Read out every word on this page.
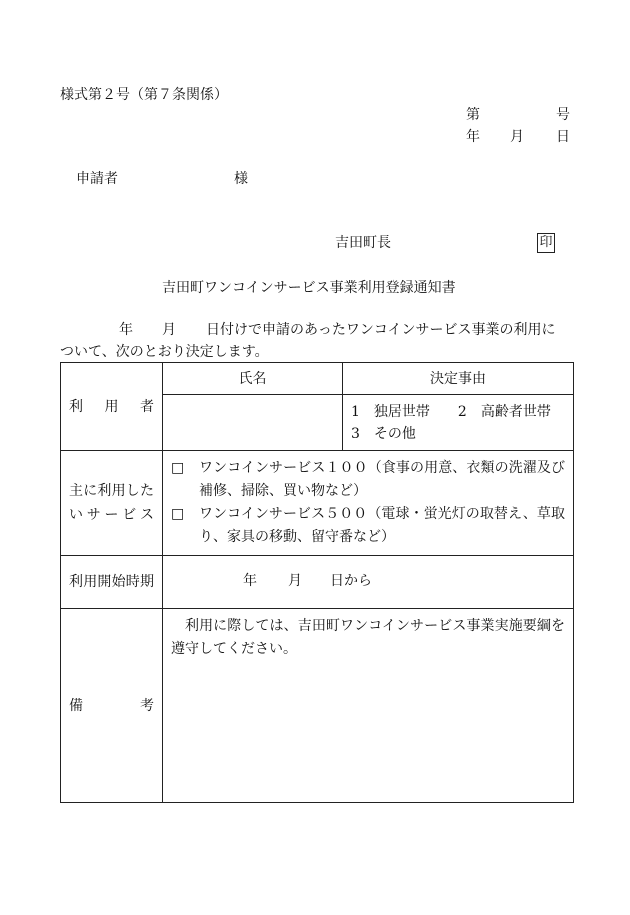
様式第２号（第７条関係）
第	号
年 月 日
申請者	様
吉田町長	印
吉田町ワンコインサービス事業利用登録通知書
年 月 日付けで申請のあったワンコインサービス事業の利用に
ついて、次のとおり決定します。
利　用　者	氏名	決定事由

		1　独居世帯　　2　高齢者世帯
3　その他

主に利用したいサービス	□ ワンコインサービス１００（食事の用意、衣類の洗濯及び補修、掃除、買い物など）
□ ワンコインサービス５００（電球・蛍光灯の取替え、草取り、家具の移動、留守番など）	

利用開始時期	年 月 日から	

備　　考	利用に際しては、吉田町ワンコインサービス事業実施要綱を遵守してください。	
